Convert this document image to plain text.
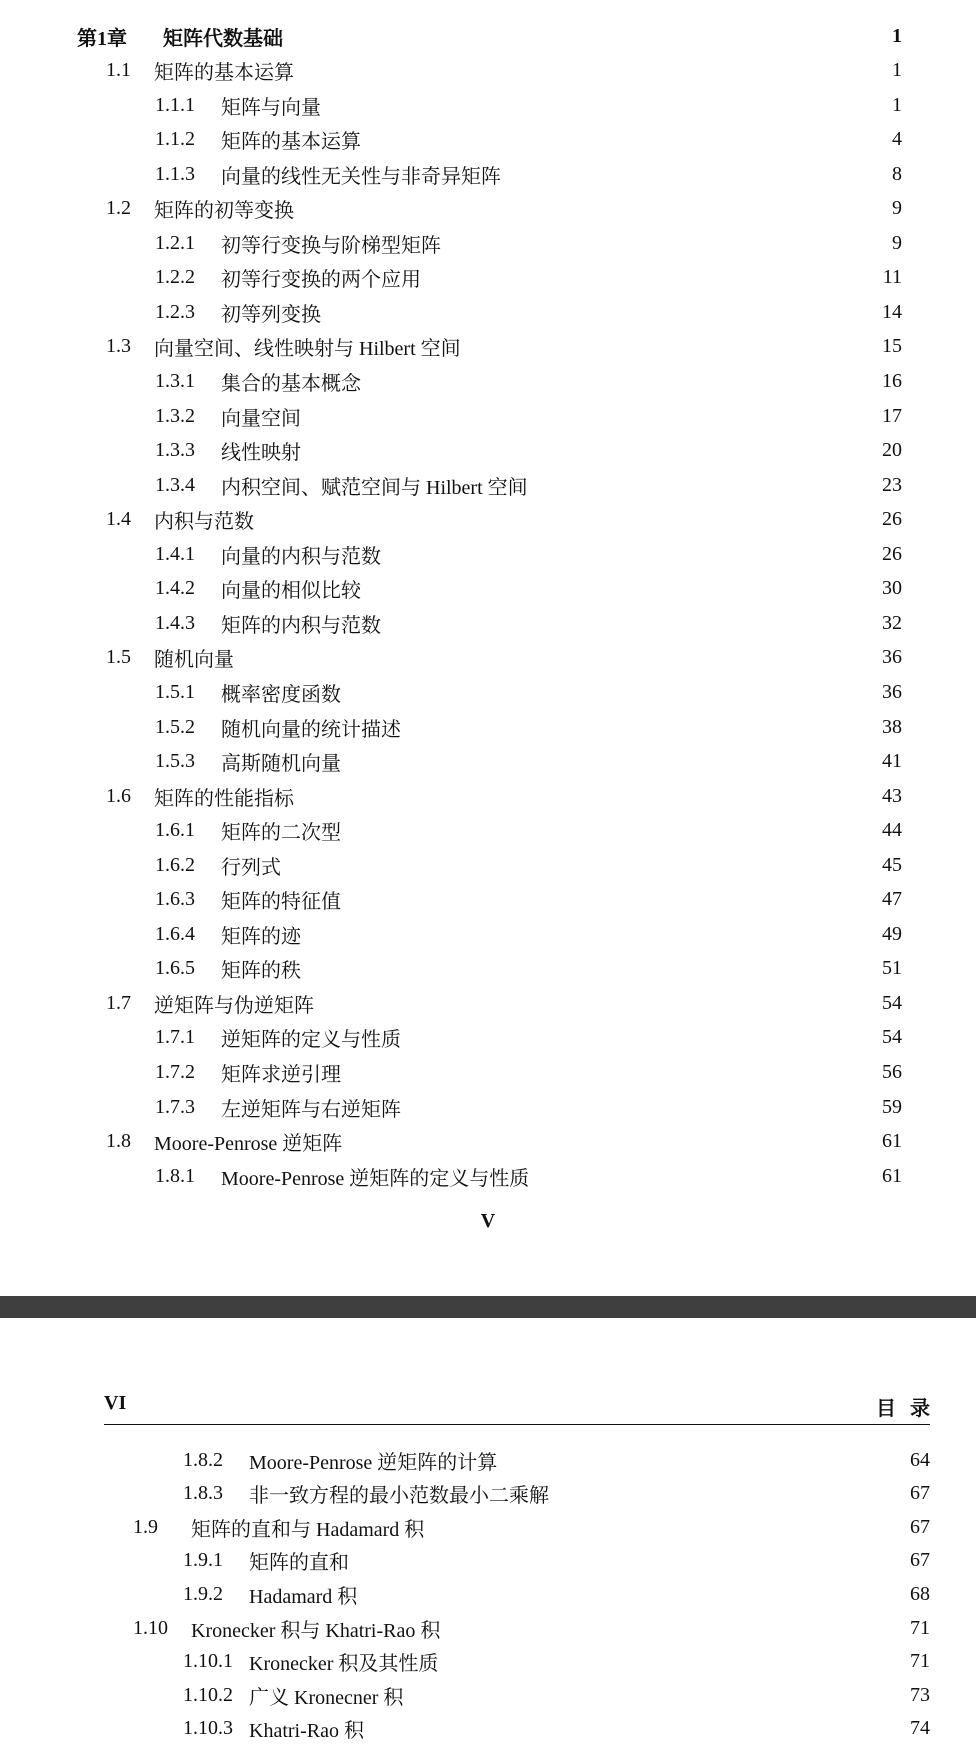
第1章	矩阵代数基础	1
1.1	矩阵的基本运算	1
1.1.1	矩阵与向量	1
1.1.2	矩阵的基本运算	4
1.1.3	向量的线性无关性与非奇异矩阵	8
1.2	矩阵的初等变换	9
1.2.1	初等行变换与阶梯型矩阵	9
1.2.2	初等行变换的两个应用	11
1.2.3	初等列变换	14
1.3	向量空间、线性映射与 Hilbert 空间	15
1.3.1	集合的基本概念	16
1.3.2	向量空间	17
1.3.3	线性映射	20
1.3.4	内积空间、赋范空间与 Hilbert 空间	23
1.4	内积与范数	26
1.4.1	向量的内积与范数	26
1.4.2	向量的相似比较	30
1.4.3	矩阵的内积与范数	32
1.5	随机向量	36
1.5.1	概率密度函数	36
1.5.2	随机向量的统计描述	38
1.5.3	高斯随机向量	41
1.6	矩阵的性能指标	43
1.6.1	矩阵的二次型	44
1.6.2	行列式	45
1.6.3	矩阵的特征值	47
1.6.4	矩阵的迹	49
1.6.5	矩阵的秩	51
1.7	逆矩阵与伪逆矩阵	54
1.7.1	逆矩阵的定义与性质	54
1.7.2	矩阵求逆引理	56
1.7.3	左逆矩阵与右逆矩阵	59
1.8	Moore-Penrose 逆矩阵	61
1.8.1	Moore-Penrose 逆矩阵的定义与性质	61
V
VI	目录
1.8.2	Moore-Penrose 逆矩阵的计算	64
1.8.3	非一致方程的最小范数最小二乘解	67
1.9	矩阵的直和与 Hadamard 积	67
1.9.1	矩阵的直和	67
1.9.2	Hadamard 积	68
1.10	Kronecker 积与 Khatri-Rao 积	71
1.10.1 Kronecker 积及其性质	71
1.10.2 广义 Kronecner 积	73
1.10.3 Khatri-Rao 积	74
